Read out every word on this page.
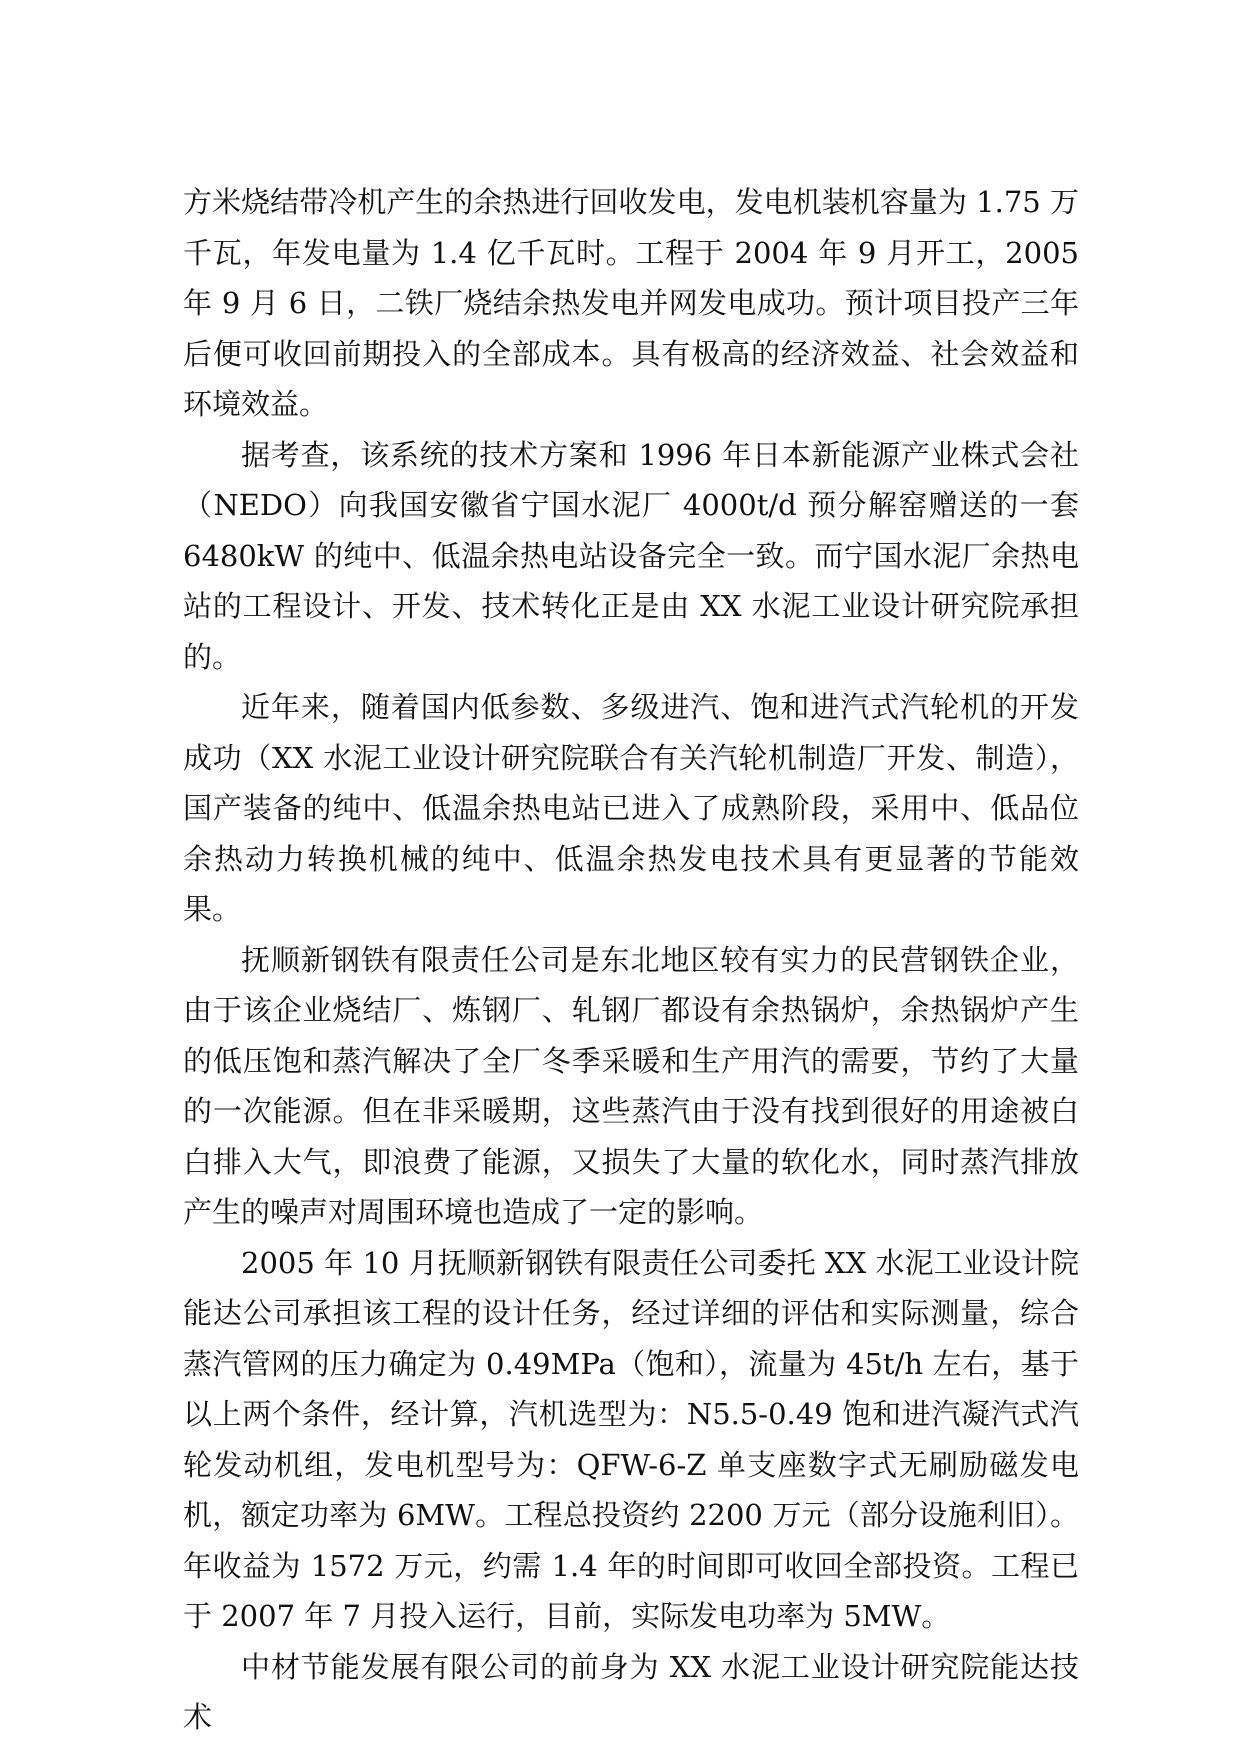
方米烧结带冷机产生的余热进行回收发电，发电机装机容量为 1.75 万千瓦，年发电量为 1.4 亿千瓦时。工程于 2004 年 9 月开工，2005 年 9 月 6 日，二铁厂烧结余热发电并网发电成功。预计项目投产三年后便可收回前期投入的全部成本。具有极高的经济效益、社会效益和环境效益。

据考查，该系统的技术方案和 1996 年日本新能源产业株式会社（NEDO）向我国安徽省宁国水泥厂 4000t/d 预分解窑赠送的一套 6480kW 的纯中、低温余热电站设备完全一致。而宁国水泥厂余热电站的工程设计、开发、技术转化正是由 XX 水泥工业设计研究院承担的。

近年来，随着国内低参数、多级进汽、饱和进汽式汽轮机的开发成功（XX 水泥工业设计研究院联合有关汽轮机制造厂开发、制造），国产装备的纯中、低温余热电站已进入了成熟阶段，采用中、低品位余热动力转换机械的纯中、低温余热发电技术具有更显著的节能效果。

抚顺新钢铁有限责任公司是东北地区较有实力的民营钢铁企业，由于该企业烧结厂、炼钢厂、轧钢厂都设有余热锅炉，余热锅炉产生的低压饱和蒸汽解决了全厂冬季采暖和生产用汽的需要，节约了大量的一次能源。但在非采暖期，这些蒸汽由于没有找到很好的用途被白白排入大气，即浪费了能源，又损失了大量的软化水，同时蒸汽排放产生的噪声对周围环境也造成了一定的影响。

2005 年 10 月抚顺新钢铁有限责任公司委托 XX 水泥工业设计院能达公司承担该工程的设计任务，经过详细的评估和实际测量，综合蒸汽管网的压力确定为 0.49MPa（饱和），流量为 45t/h 左右，基于以上两个条件，经计算，汽机选型为：N5.5-0.49 饱和进汽凝汽式汽轮发动机组，发电机型号为：QFW-6-Z 单支座数字式无刷励磁发电机，额定功率为 6MW。工程总投资约 2200 万元（部分设施利旧）。年收益为 1572 万元，约需 1.4 年的时间即可收回全部投资。工程已于 2007 年 7 月投入运行，目前，实际发电功率为 5MW。

中材节能发展有限公司的前身为 XX 水泥工业设计研究院能达技术
